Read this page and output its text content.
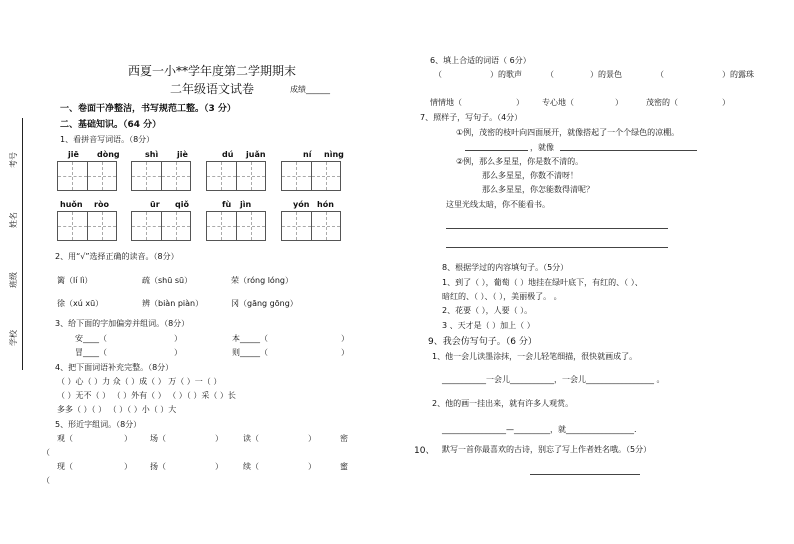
考号
姓名
班级
学校
西夏一小**学年度第二学期期末
二年级语文试卷	成绩______
一、卷面干净整洁，书写规范工整。（3 分）
二、基础知识。（64 分）
1、看拼音写词语。（8分）
jiē dòng	shì jiè	dú juǎn	ní nìng
huǒn ròo	ūr qiǒ	fù jìn	yón hón
2、用“√”选择正确的读音。（8分）
篱（lí lì）	疏（shū sū）	荣（róng lóng）
徐（xú xū）	辨（biàn piàn）	冈（gāng gōng）
3、给下面的字加偏旁并组词。（8分）
安____（	）	本_____（	）
冒____（	）	则_____（	）
4、把下面词语补充完整。（8分）
（ ）心（ ）力 众（ ）成（ ） 万（ ）一（ ）
（ ）无不（ ） （ ）外有（ ） （ ）（ ）采（ ）长
多多（ ）（ ） （ ）（ ）小（ ）大
5、形近字组词。（8分）
观（	） 场（	）	读（	）	密
（
现（	） 扬（	）	续（	）	蜜
（
6、填上合适的词语（ 6分）
（	）的歌声	（	）的景色	（	）的露珠
情情地（	） 专心地（	）	茂密的（	）
7、照样子，写句子。（4分）
①例，茂密的枝叶向四面展开，就像搭起了一个个绿色的凉棚。
，就像
②例，那么多星星，你是数不清的。
那么多星星，你数不清呀！
那么多星星，你怎能数得清呢？
这里光线太暗，你不能看书。
8、根据学过的内容填句子。（5分）
1、到了（ ），葡萄（ ）地挂在绿叶底下，有红的、（ ）、
暗红的、（ ）、（ ），美丽极了。 。
2、花要（ ），人要（ ）。
3 、天才是（ ）加上（ ）
9、我会仿写句子。（6 分）
1、他一会儿读墨涂抹，一会儿轻笔细描，很快就画成了。
___________一会儿___________，一会儿_________________ 。
2、他的画一挂出来，就有许多人观赏。
________________—_________，就_________________.
10、 默写一首你最喜欢的古诗，别忘了写上作者姓名哦。（5分）
